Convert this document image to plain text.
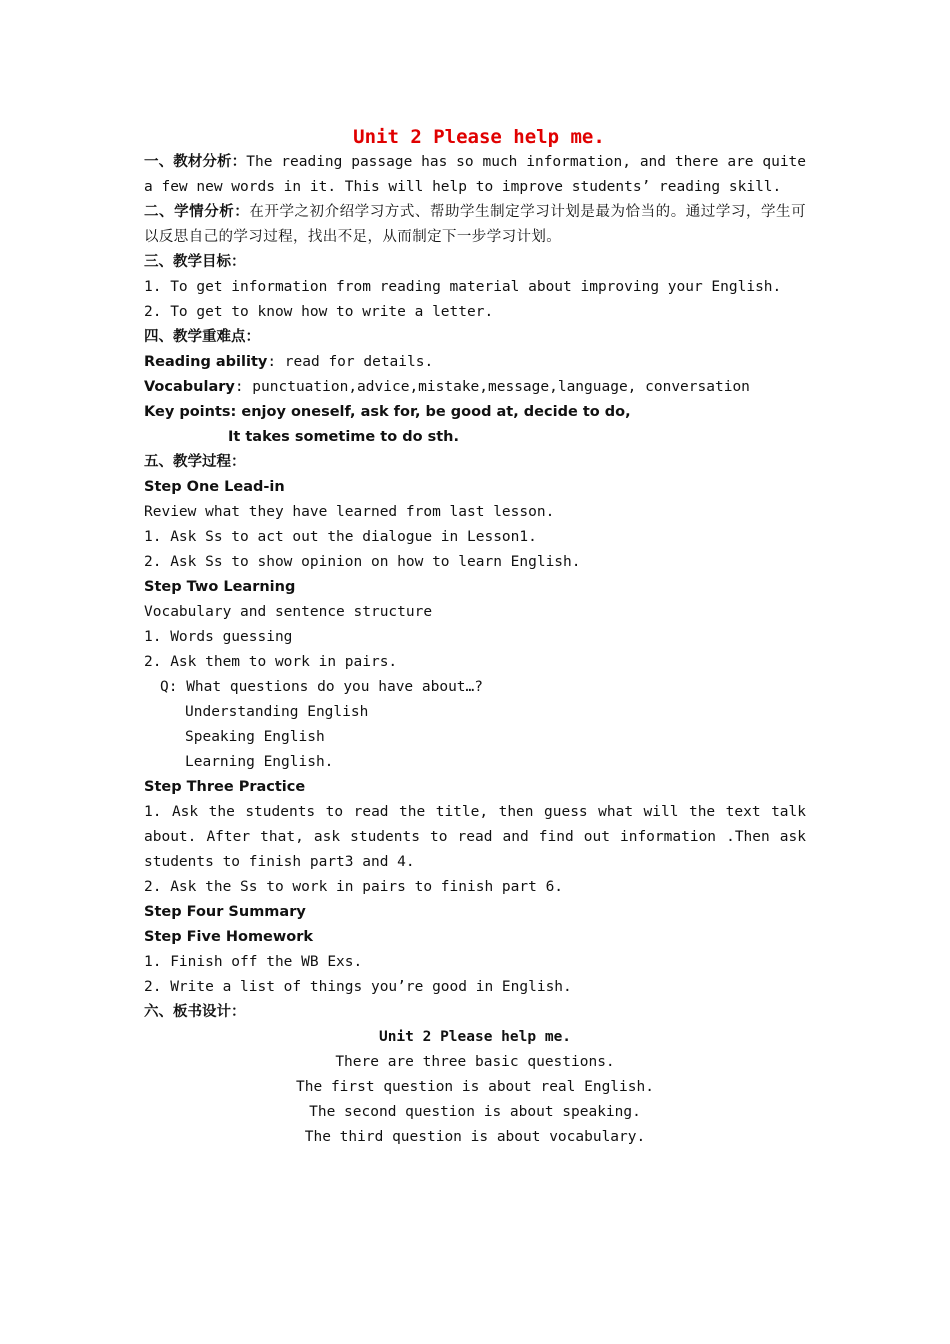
Unit 2 Please help me.
一、教材分析：The reading passage has so much information, and there are quite a few new words in it. This will help to improve students’ reading skill.
二、学情分析：在开学之初介绍学习方式、帮助学生制定学习计划是最为恰当的。通过学习，学生可以反思自己的学习过程，找出不足，从而制定下一步学习计划。
三、教学目标：
1. To get information from reading material about improving your English.
2. To get to know how to write a letter.
四、教学重难点：
Reading ability: read for details.
Vocabulary: punctuation,advice,mistake,message,language, conversation
Key points: enjoy oneself, ask for, be good at, decide to do,
It takes sometime to do sth.
五、教学过程：
Step One Lead-in
Review what they have learned from last lesson.
1. Ask Ss to act out the dialogue in Lesson1.
2. Ask Ss to show opinion on how to learn English.
Step Two Learning
Vocabulary and sentence structure
1. Words guessing
2. Ask them to work in pairs.
Q: What questions do you have about…?
Understanding English
Speaking English
Learning English.
Step Three Practice
1. Ask the students to read the title, then guess what will the text talk about. After that, ask students to read and find out information .Then ask students to finish part3 and 4.
2. Ask the Ss to work in pairs to finish part 6.
Step Four Summary
Step Five Homework
1. Finish off the WB Exs.
2. Write a list of things you’re good in English.
六、板书设计：
Unit 2 Please help me.
There are three basic questions.
The first question is about real English.
The second question is about speaking.
The third question is about vocabulary.
